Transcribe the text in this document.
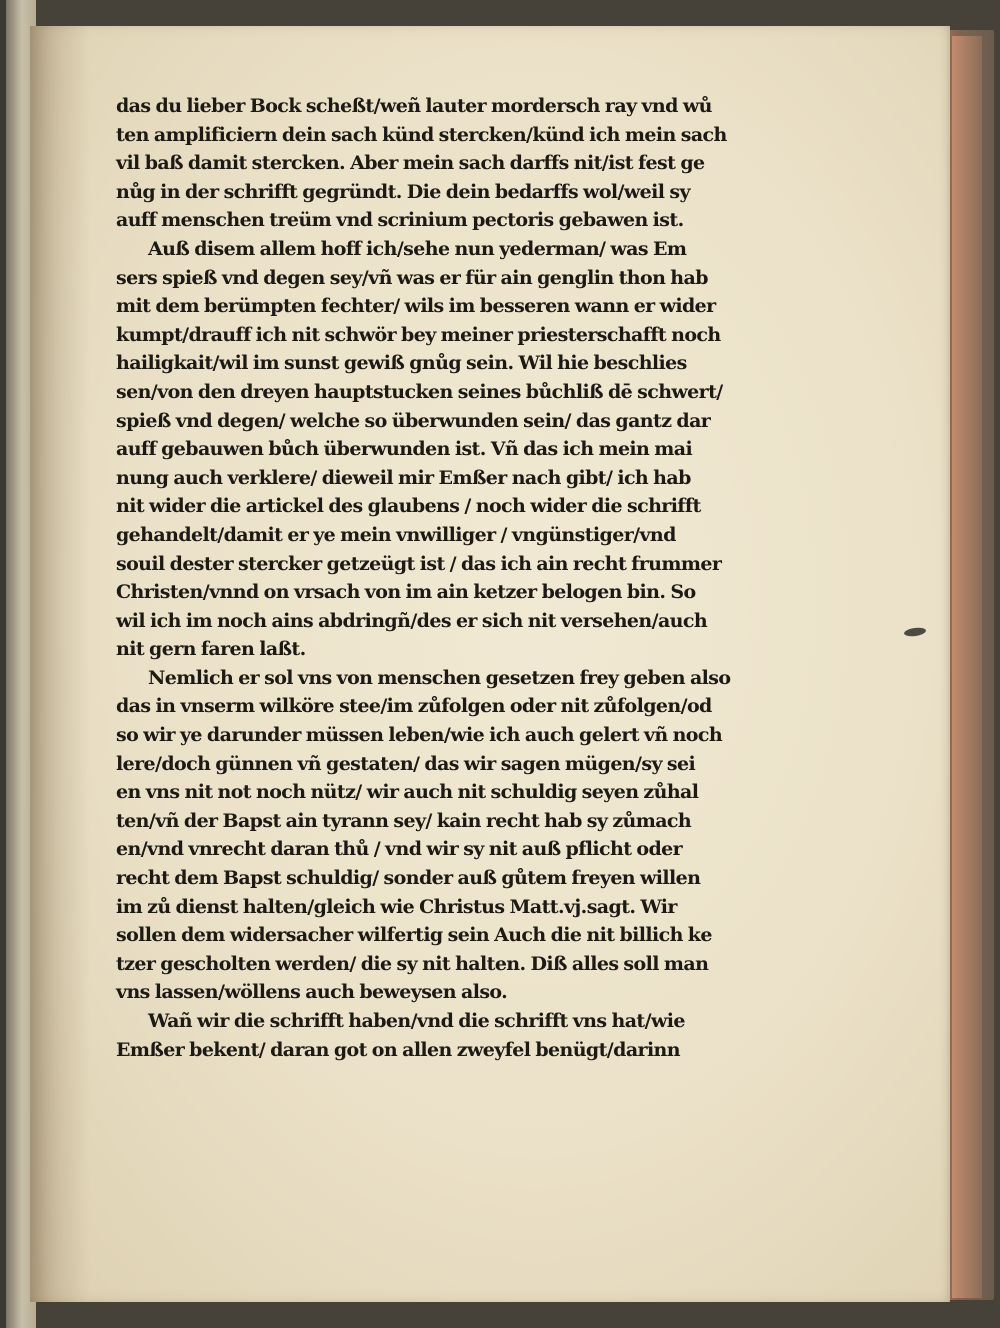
das du lieber Bock scheßt/weñ lauter mordersch ray vnd wů
ten amplificiern dein sach künd stercken/künd ich mein sach
vil baß damit stercken. Aber mein sach darffs nit/ist fest ge
nůg in der schrifft gegründt. Die dein bedarffs wol/weil sy
auff menschen treüm vnd scrinium pectoris gebawen ist.
Auß disem allem hoff ich/sehe nun yederman/ was Em
sers spieß vnd degen sey/vñ was er für ain genglin thon hab
mit dem berümpten fechter/ wils im besseren wann er wider
kumpt/drauff ich nit schwör bey meiner priesterschafft noch
hailigkait/wil im sunst gewiß gnůg sein. Wil hie beschlies
sen/von den dreyen hauptstucken seines bůchliß dē schwert/
spieß vnd degen/ welche so überwunden sein/ das gantz dar
auff gebauwen bůch überwunden ist. Vñ das ich mein mai
nung auch verklere/ dieweil mir Emßer nach gibt/ ich hab
nit wider die artickel des glaubens / noch wider die schrifft
gehandelt/damit er ye mein vnwilliger / vngünstiger/vnd
souil dester stercker getzeügt ist / das ich ain recht frummer
Christen/vnnd on vrsach von im ain ketzer belogen bin. So
wil ich im noch ains abdringñ/des er sich nit versehen/auch
nit gern faren laßt.
Nemlich er sol vns von menschen gesetzen frey geben also
das in vnserm wilköre stee/im zůfolgen oder nit zůfolgen/od
so wir ye darunder müssen leben/wie ich auch gelert vñ noch
lere/doch günnen vñ gestaten/ das wir sagen mügen/sy sei
en vns nit not noch nütz/ wir auch nit schuldig seyen zůhal
ten/vñ der Bapst ain tyrann sey/ kain recht hab sy zůmach
en/vnd vnrecht daran thů / vnd wir sy nit auß pflicht oder
recht dem Bapst schuldig/ sonder auß gůtem freyen willen
im zů dienst halten/gleich wie Christus Matt.vj.sagt. Wir
sollen dem widersacher wilfertig sein Auch die nit billich ke
tzer gescholten werden/ die sy nit halten. Diß alles soll man
vns lassen/wöllens auch beweysen also.
Wañ wir die schrifft haben/vnd die schrifft vns hat/wie
Emßer bekent/ daran got on allen zweyfel benügt/darinn
